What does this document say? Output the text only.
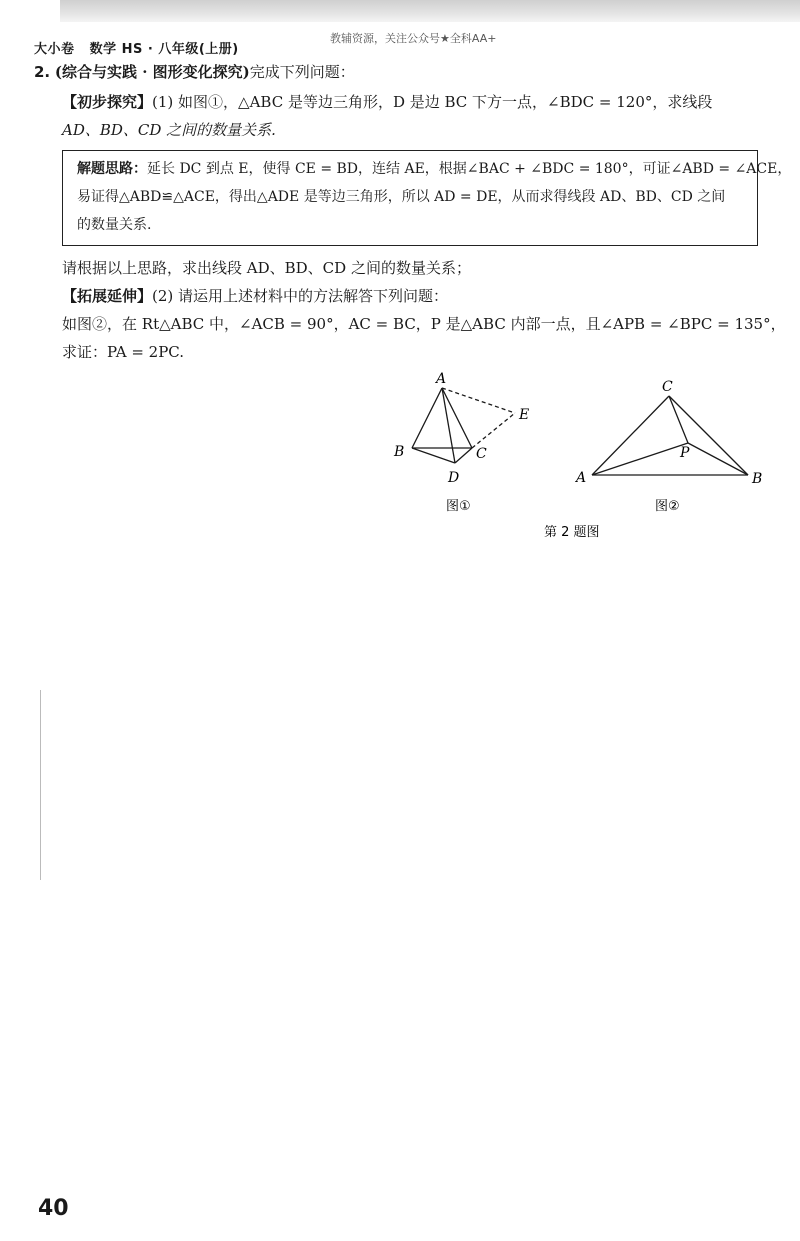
大小卷 数学 HS · 八年级(上册)
教辅资源，关注公众号★全科AA+
2. (综合与实践 · 图形变化探究)完成下列问题：
【初步探究】(1) 如图①，△ABC 是等边三角形，D 是边 BC 下方一点，∠BDC = 120°，求线段
AD、BD、CD 之间的数量关系.
解题思路：延长 DC 到点 E，使得 CE = BD，连结 AE，根据∠BAC + ∠BDC = 180°，可证∠ABD = ∠ACE，
易证得△ABD≌△ACE，得出△ADE 是等边三角形，所以 AD = DE，从而求得线段 AD、BD、CD 之间
的数量关系.
请根据以上思路，求出线段 AD、BD、CD 之间的数量关系；
【拓展延伸】(2) 请运用上述材料中的方法解答下列问题：
如图②，在 Rt△ABC 中，∠ACB = 90°，AC = BC，P 是△ABC 内部一点，且∠APB = ∠BPC = 135°，
求证：PA = 2PC.
A
B	C
D
E
图①
C
A	B
P
图②
第 2 题图
40
